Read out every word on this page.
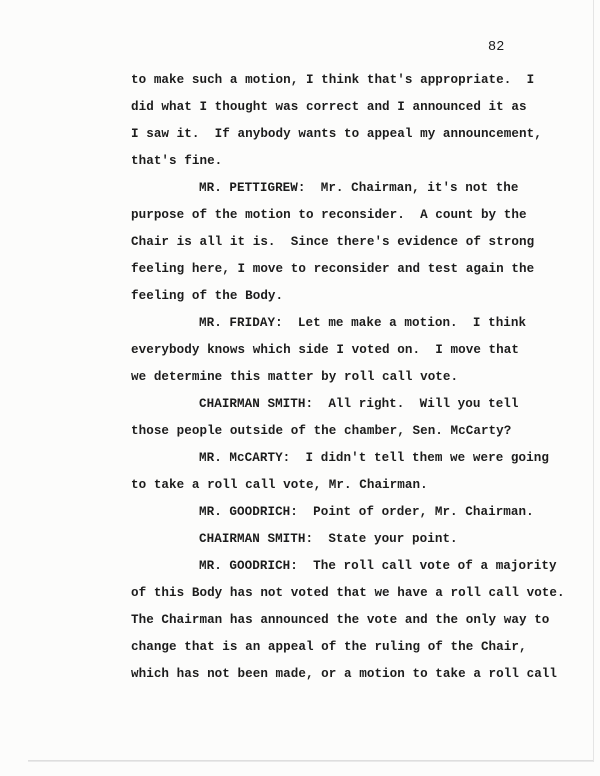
82
to make such a motion, I think that's appropriate.  I
did what I thought was correct and I announced it as
I saw it.  If anybody wants to appeal my announcement,
that's fine.
MR. PETTIGREW:  Mr. Chairman, it's not the
purpose of the motion to reconsider.  A count by the
Chair is all it is.  Since there's evidence of strong
feeling here, I move to reconsider and test again the
feeling of the Body.
MR. FRIDAY:  Let me make a motion.  I think
everybody knows which side I voted on.  I move that
we determine this matter by roll call vote.
CHAIRMAN SMITH:  All right.  Will you tell
those people outside of the chamber, Sen. McCarty?
MR. McCARTY:  I didn't tell them we were going
to take a roll call vote, Mr. Chairman.
MR. GOODRICH:  Point of order, Mr. Chairman.
CHAIRMAN SMITH:  State your point.
MR. GOODRICH:  The roll call vote of a majority
of this Body has not voted that we have a roll call vote.
The Chairman has announced the vote and the only way to
change that is an appeal of the ruling of the Chair,
which has not been made, or a motion to take a roll call
